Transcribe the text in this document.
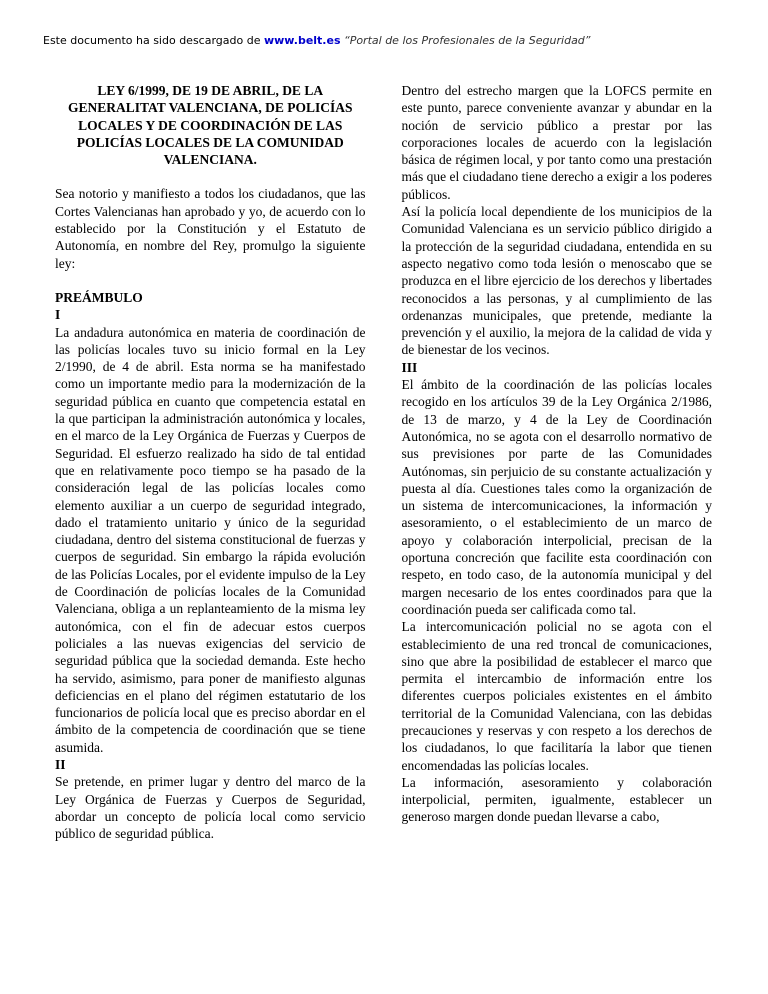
Este documento ha sido descargado de www.belt.es “Portal de los Profesionales de la Seguridad”
LEY 6/1999, DE 19 DE ABRIL, DE LA GENERALITAT VALENCIANA, DE POLICÍAS LOCALES Y DE COORDINACIÓN DE LAS POLICÍAS LOCALES DE LA COMUNIDAD VALENCIANA.
Sea notorio y manifiesto a todos los ciudadanos, que las Cortes Valencianas han aprobado y yo, de acuerdo con lo establecido por la Constitución y el Estatuto de Autonomía, en nombre del Rey, promulgo la siguiente ley:
PREÁMBULO
I
La andadura autonómica en materia de coordinación de las policías locales tuvo su inicio formal en la Ley 2/1990, de 4 de abril. Esta norma se ha manifestado como un importante medio para la modernización de la seguridad pública en cuanto que competencia estatal en la que participan la administración autonómica y locales, en el marco de la Ley Orgánica de Fuerzas y Cuerpos de Seguridad. El esfuerzo realizado ha sido de tal entidad que en relativamente poco tiempo se ha pasado de la consideración legal de las policías locales como elemento auxiliar a un cuerpo de seguridad integrado, dado el tratamiento unitario y único de la seguridad ciudadana, dentro del sistema constitucional de fuerzas y cuerpos de seguridad. Sin embargo la rápida evolución de las Policías Locales, por el evidente impulso de la Ley de Coordinación de policías locales de la Comunidad Valenciana, obliga a un replanteamiento de la misma ley autonómica, con el fin de adecuar estos cuerpos policiales a las nuevas exigencias del servicio de seguridad pública que la sociedad demanda. Este hecho ha servido, asimismo, para poner de manifiesto algunas deficiencias en el plano del régimen estatutario de los funcionarios de policía local que es preciso abordar en el ámbito de la competencia de coordinación que se tiene asumida.
II
Se pretende, en primer lugar y dentro del marco de la Ley Orgánica de Fuerzas y Cuerpos de Seguridad, abordar un concepto de policía local como servicio público de seguridad pública.
Dentro del estrecho margen que la LOFCS permite en este punto, parece conveniente avanzar y abundar en la noción de servicio público a prestar por las corporaciones locales de acuerdo con la legislación básica de régimen local, y por tanto como una prestación más que el ciudadano tiene derecho a exigir a los poderes públicos.
Así la policía local dependiente de los municipios de la Comunidad Valenciana es un servicio público dirigido a la protección de la seguridad ciudadana, entendida en su aspecto negativo como toda lesión o menoscabo que se produzca en el libre ejercicio de los derechos y libertades reconocidos a las personas, y al cumplimiento de las ordenanzas municipales, que pretende, mediante la prevención y el auxilio, la mejora de la calidad de vida y de bienestar de los vecinos.
III
El ámbito de la coordinación de las policías locales recogido en los artículos 39 de la Ley Orgánica 2/1986, de 13 de marzo, y 4 de la Ley de Coordinación Autonómica, no se agota con el desarrollo normativo de sus previsiones por parte de las Comunidades Autónomas, sin perjuicio de su constante actualización y puesta al día. Cuestiones tales como la organización de un sistema de intercomunicaciones, la información y asesoramiento, o el establecimiento de un marco de apoyo y colaboración interpolicial, precisan de la oportuna concreción que facilite esta coordinación con respeto, en todo caso, de la autonomía municipal y del margen necesario de los entes coordinados para que la coordinación pueda ser calificada como tal.
La intercomunicación policial no se agota con el establecimiento de una red troncal de comunicaciones, sino que abre la posibilidad de establecer el marco que permita el intercambio de información entre los diferentes cuerpos policiales existentes en el ámbito territorial de la Comunidad Valenciana, con las debidas precauciones y reservas y con respeto a los derechos de los ciudadanos, lo que facilitaría la labor que tienen encomendadas las policías locales.
La información, asesoramiento y colaboración interpolicial, permiten, igualmente, establecer un generoso margen donde puedan llevarse a cabo,
